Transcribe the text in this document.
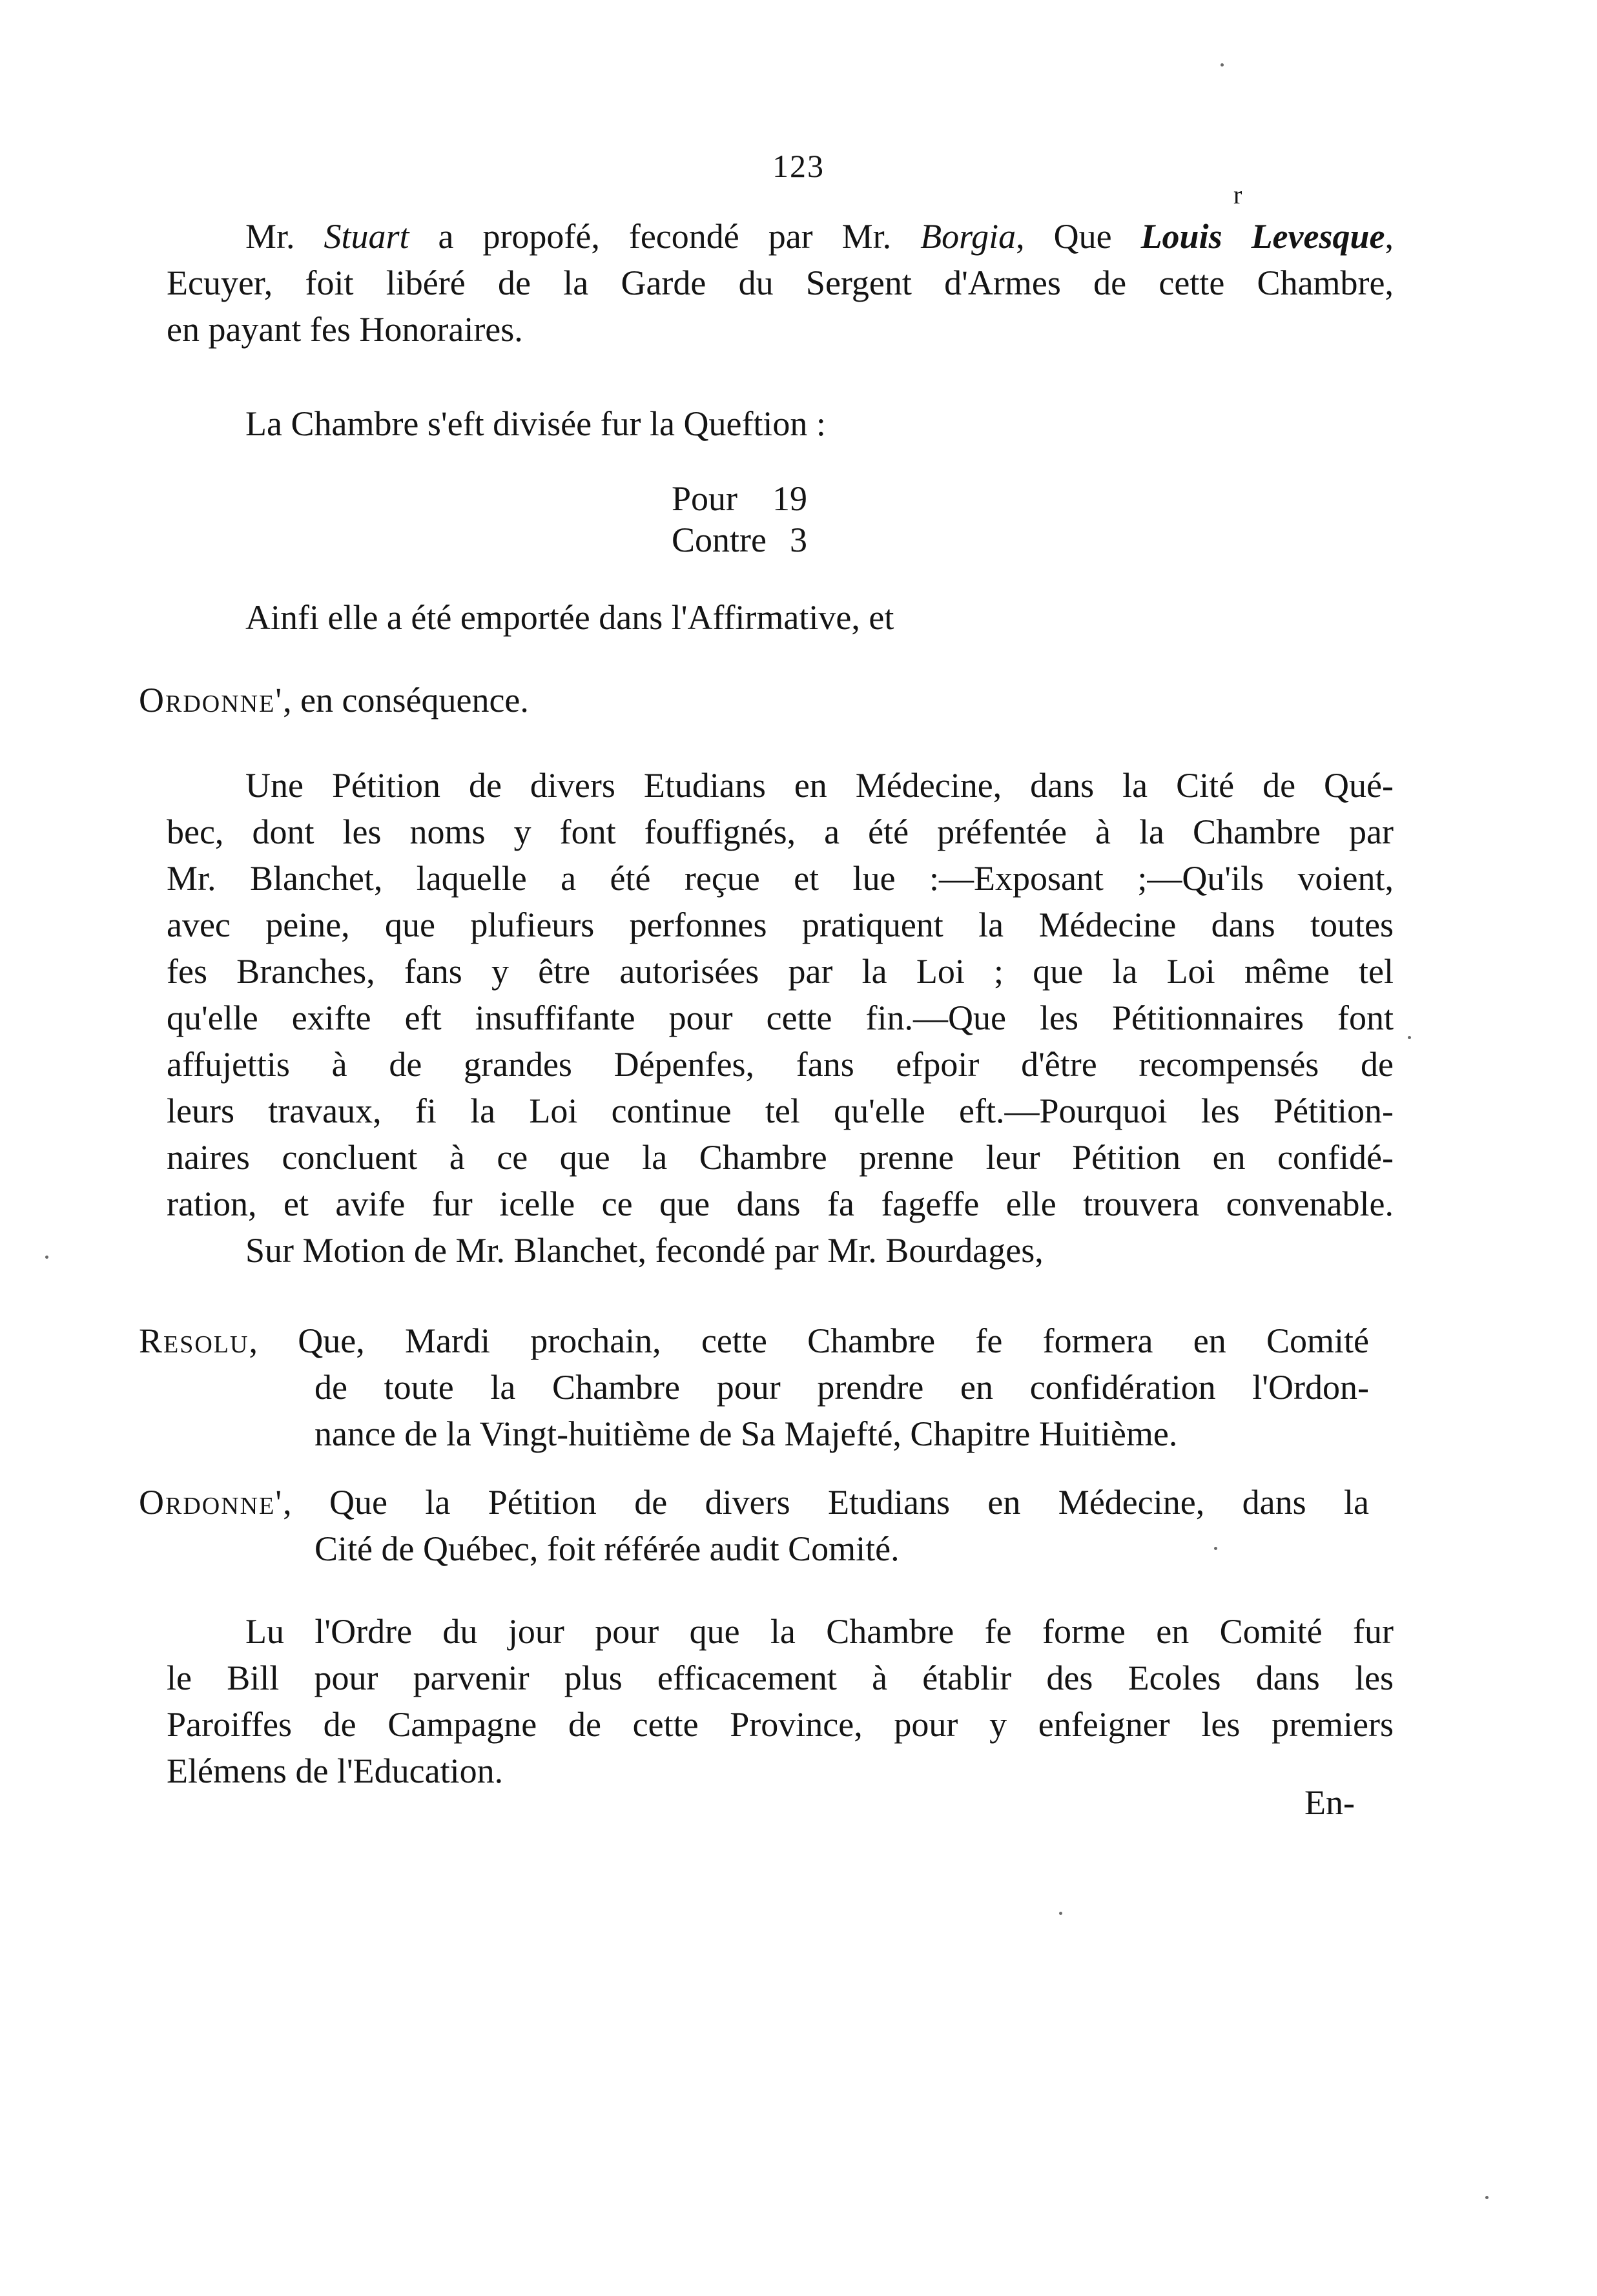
123
r
Mr. Stuart a propofé, fecondé par Mr. Borgia, Que Louis Levesque,
Ecuyer, foit libéré de la Garde du Sergent d'Armes de cette Chambre,
en payant fes Honoraires.
La Chambre s'eft divisée fur la Queftion :
Pour 19
Contre 3
Ainfi elle a été emportée dans l'Affirmative, et
Ordonne', en conséquence.
Une Pétition de divers Etudians en Médecine, dans la Cité de Qué-
bec, dont les noms y font fouffignés, a été préfentée à la Chambre par
Mr. Blanchet, laquelle a été reçue et lue :—Exposant ;—Qu'ils voient,
avec peine, que plufieurs perfonnes pratiquent la Médecine dans toutes
fes Branches, fans y être autorisées par la Loi ; que la Loi même tel
qu'elle exifte eft insuffifante pour cette fin.—Que les Pétitionnaires font
affujettis à de grandes Dépenfes, fans efpoir d'être recompensés de
leurs travaux, fi la Loi continue tel qu'elle eft.—Pourquoi les Pétition-
naires concluent à ce que la Chambre prenne leur Pétition en confidé-
ration, et avife fur icelle ce que dans fa fageffe elle trouvera convenable.
Sur Motion de Mr. Blanchet, fecondé par Mr. Bourdages,
Resolu, Que, Mardi prochain, cette Chambre fe formera en Comité
de toute la Chambre pour prendre en confidération l'Ordon-
nance de la Vingt-huitième de Sa Majefté, Chapitre Huitième.
Ordonne', Que la Pétition de divers Etudians en Médecine, dans la
Cité de Québec, foit référée audit Comité.
Lu l'Ordre du jour pour que la Chambre fe forme en Comité fur
le Bill pour parvenir plus efficacement à établir des Ecoles dans les
Paroiffes de Campagne de cette Province, pour y enfeigner les premiers
Elémens de l'Education.
En-
